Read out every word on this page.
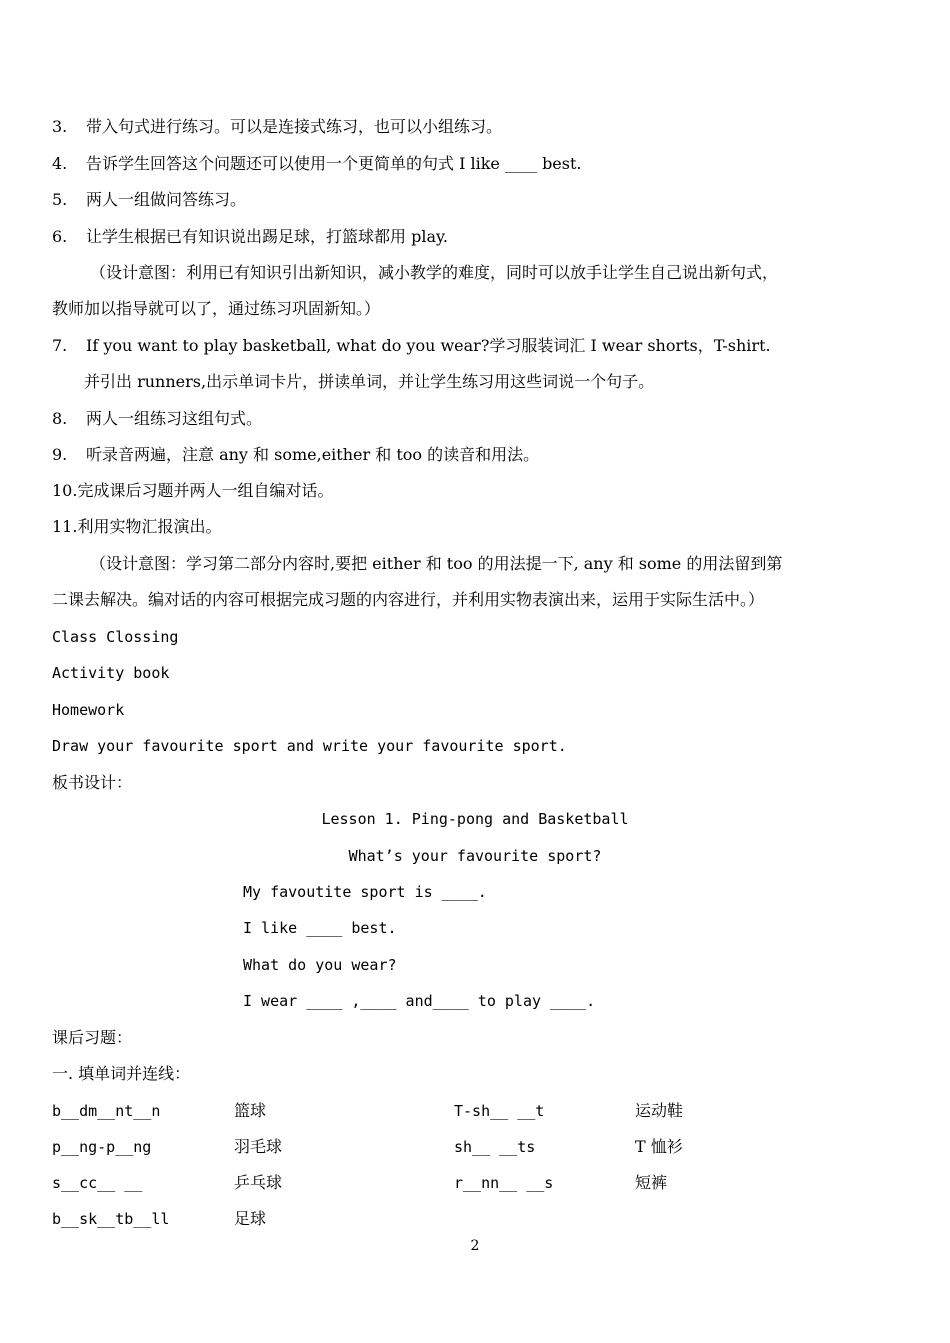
3. 带入句式进行练习。可以是连接式练习，也可以小组练习。
4. 告诉学生回答这个问题还可以使用一个更简单的句式 I like ____ best.
5. 两人一组做问答练习。
6. 让学生根据已有知识说出踢足球，打篮球都用 play.
（设计意图：利用已有知识引出新知识，减小教学的难度，同时可以放手让学生自己说出新句式，
教师加以指导就可以了，通过练习巩固新知。）
7. If you want to play basketball, what do you wear?学习服装词汇 I wear shorts，T-shirt.
并引出 runners,出示单词卡片，拼读单词，并让学生练习用这些词说一个句子。
8. 两人一组练习这组句式。
9. 听录音两遍，注意 any 和 some,either 和 too 的读音和用法。
10.完成课后习题并两人一组自编对话。
11.利用实物汇报演出。
（设计意图：学习第二部分内容时,要把 either 和 too 的用法提一下, any 和 some 的用法留到第
二课去解决。编对话的内容可根据完成习题的内容进行，并利用实物表演出来，运用于实际生活中。）
Class Clossing
Activity book
Homework
Draw your favourite sport and write your favourite sport.
板书设计：
Lesson 1. Ping-pong and Basketball
What’s your favourite sport?
My favoutite sport is ____.
I like ____ best.
What do you wear?
I wear ____ ,____ and____ to play ____.
课后习题：
一. 填单词并连线：
b__dm__nt__n	篮球	T-sh__ __t	运动鞋
p__ng-p__ng	羽毛球	sh__ __ts	T 恤衫
s__cc__ __	乒乓球	r__nn__ __s	短裤
b__sk__tb__ll	足球
2
